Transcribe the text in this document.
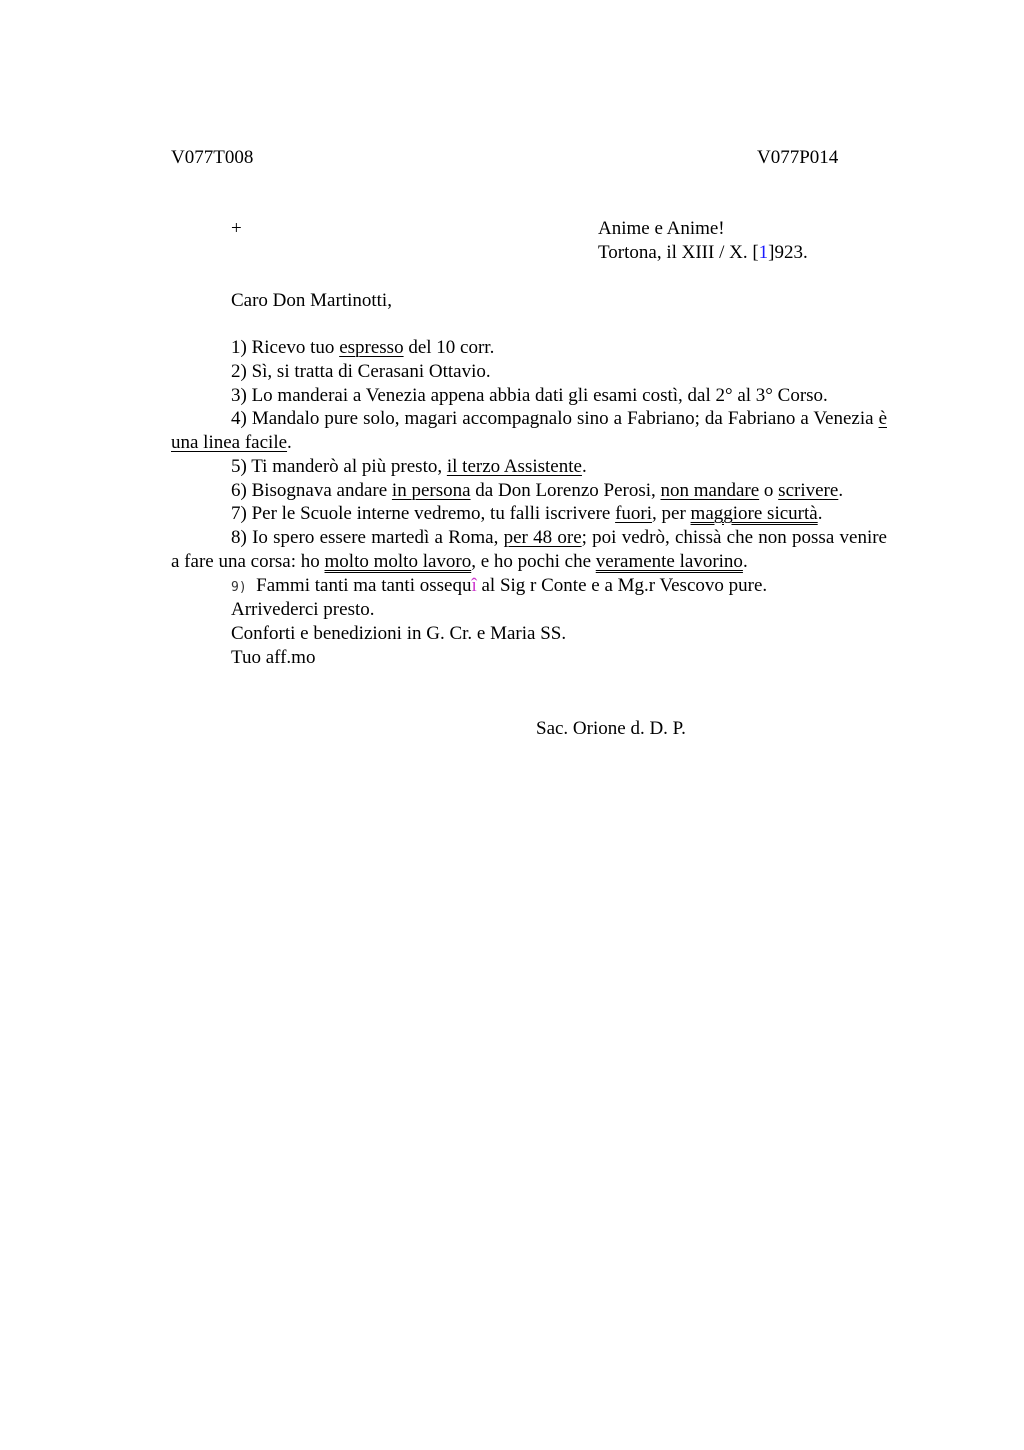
V077T008	V077P014
+	Anime e Anime!
Tortona, il XIII / X. [1]923.
Caro Don Martinotti,
1) Ricevo tuo espresso del 10 corr.
2) Sì, si tratta di Cerasani Ottavio.
3) Lo manderai a Venezia appena abbia dati gli esami costì, dal 2° al 3° Corso.
4) Mandalo pure solo, magari accompagnalo sino a Fabriano; da Fabriano a Venezia è una linea facile.
5) Ti manderò al più presto, il terzo Assistente.
6) Bisognava andare in persona da Don Lorenzo Perosi, non mandare o scrivere.
7) Per le Scuole interne vedremo, tu falli iscrivere fuori, per maggiore sicurtà.
8) Io spero essere martedì a Roma, per 48 ore; poi vedrò, chissà che non possa venire a fare una corsa: ho molto molto lavoro, e ho pochi che veramente lavorino.
9)  Fammi tanti ma tanti ossequî al Sig r Conte e a Mg.r Vescovo pure.
Arrivederci presto.
Conforti e benedizioni in G. Cr. e Maria SS.
Tuo aff.mo
Sac. Orione d. D. P.
